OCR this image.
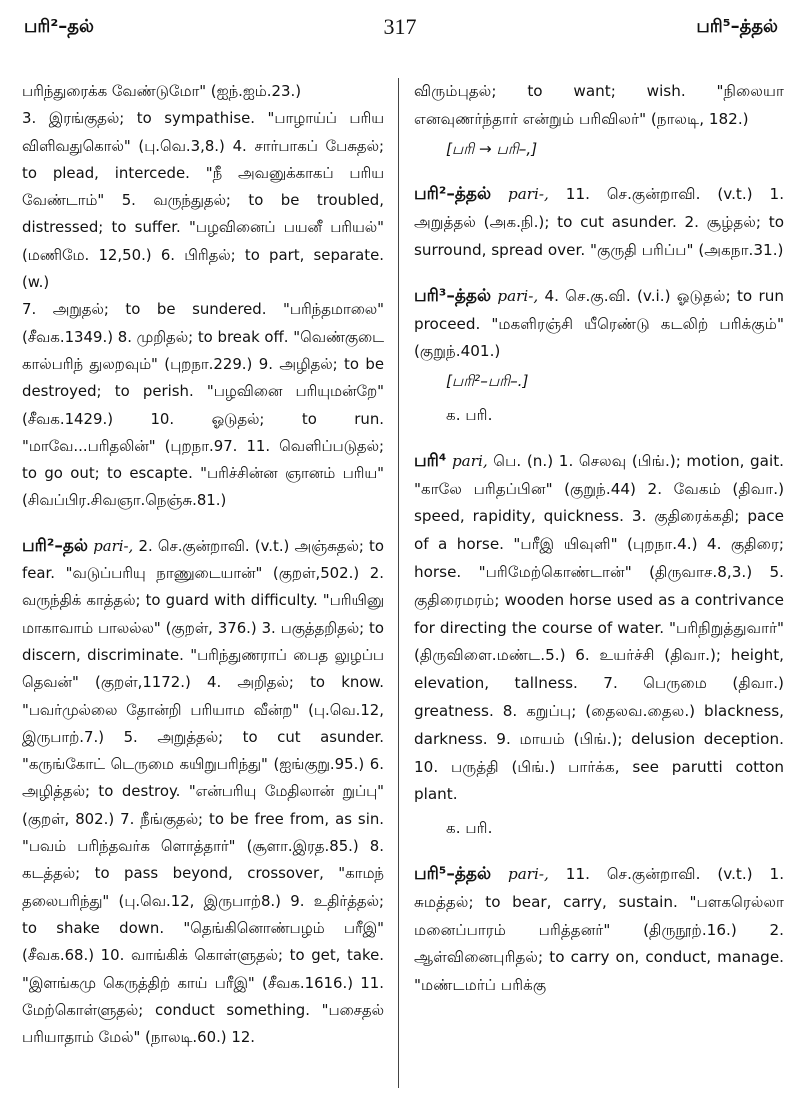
பரி²–தல்	317	பரி⁵–த்தல்

பரிந்துரைக்க வேண்டுமோ" (ஐந்.ஐம்.23.)

3. இரங்குதல்; to sympathise. "பாழாய்ப் பரிய விளிவதுகொல்" (பு.வெ.3,8.) 4. சார்பாகப் பேசுதல்; to plead, intercede. "நீ அவனுக்காகப் பரிய வேண்டாம்" 5. வருந்துதல்; to be troubled, distressed; to suffer. "பழவினைப் பயனீ பரியல்" (மணிமே. 12,50.) 6. பிரிதல்; to part, separate. (w.)

7. அறுதல்; to be sundered. "பரிந்தமாலை" (சீவக.1349.) 8. முறிதல்; to break off. "வெண்குடை கால்பரிந் துலறவும்" (புறநா.229.) 9. அழிதல்; to be destroyed; to perish. "பழவினை பரியுமன்றே" (சீவக.1429.) 10. ஓடுதல்; to run. "மாவே...பரிதலின்" (புறநா.97. 11. வெளிப்படுதல்; to go out; to escapte. "பரிச்சின்ன ஞானம் பரிய" (சிவப்பிர.சிவஞா.நெஞ்சு.81.)

பரி²–தல் pari-, 2. செ.குன்றாவி. (v.t.) அஞ்சுதல்; to fear. "வடுப்பரியு நாணுடையான்" (குறள்,502.) 2. வருந்திக் காத்தல்; to guard with difficulty. "பரியினு மாகாவாம் பாலல்ல" (குறள், 376.) 3. பகுத்தறிதல்; to discern, discriminate. "பரிந்துணராப் பைத லுழப்ப தெவன்" (குறள்,1172.) 4. அறிதல்; to know. "பவர்முல்லை தோன்றி பரியாம வீன்ற" (பு.வெ.12, இருபாற்.7.) 5. அறுத்தல்; to cut asunder. "கருங்கோட் டெருமை கயிறுபரிந்து" (ஐங்குறு.95.) 6. அழித்தல்; to destroy. "என்பரியு மேதிலான் றுப்பு" (குறள், 802.) 7. நீங்குதல்; to be free from, as sin. "பவம் பரிந்தவர்க ளொத்தார்" (சூளா.இரத.85.) 8. கடத்தல்; to pass beyond, crossover, "காமந் தலைபரிந்து" (பு.வெ.12, இருபாற்8.) 9. உதிர்த்தல்; to shake down. "தெங்கினொண்பழம் பரீஇ" (சீவக.68.) 10. வாங்கிக் கொள்ளுதல்; to get, take. "இளங்கமு கெருத்திற் காய் பரீஇ" (சீவக.1616.) 11. மேற்கொள்ளுதல்; conduct something. "பசைதல் பரியாதாம் மேல்" (நாலடி.60.) 12.

விரும்புதல்; to want; wish. "நிலையா எனவுணர்ந்தார் என்றும் பரிவிலர்" (நாலடி, 182.)

[பரி → பரி–,]

பரி²–த்தல் pari-, 11. செ.குன்றாவி. (v.t.) 1. அறுத்தல் (அக.நி.); to cut asunder. 2. சூழ்தல்; to surround, spread over. "குருதி பரிப்ப" (அகநா.31.)

பரி³–த்தல் pari-, 4. செ.கு.வி. (v.i.) ஓடுதல்; to run proceed. "மகளிரஞ்சி யீரெண்டு கடலிற் பரிக்கும்" (குறுந்.401.)

[பரி²–பரி–.]

க. பரி.

பரி⁴ pari, பெ. (n.) 1. செலவு (பிங்.); motion, gait. "காலே பரிதப்பின" (குறுந்.44) 2. வேகம் (திவா.) speed, rapidity, quickness. 3. குதிரைக்கதி; pace of a horse. "பரீஇ யிவுளி" (புறநா.4.) 4. குதிரை; horse. "பரிமேற்கொண்டான்" (திருவாச.8,3.) 5. குதிரைமரம்; wooden horse used as a contrivance for directing the course of water. "பரிநிறுத்துவார்" (திருவிளை.மண்ட.5.) 6. உயர்ச்சி (திவா.); height, elevation, tallness. 7. பெருமை (திவா.) greatness. 8. கறுப்பு; (தைலவ.தைல.) blackness, darkness. 9. மாயம் (பிங்.); delusion deception. 10. பருத்தி (பிங்.) பார்க்க, see parutti cotton plant.

க. பரி.

பரி⁵–த்தல் pari-, 11. செ.குன்றாவி. (v.t.) 1. சுமத்தல்; to bear, carry, sustain. "பளகரெல்லா மனைப்பாரம் பரித்தனர்" (திருநூற்.16.) 2. ஆள்வினைபுரிதல்; to carry on, conduct, manage. "மண்டமர்ப் பரிக்கு
